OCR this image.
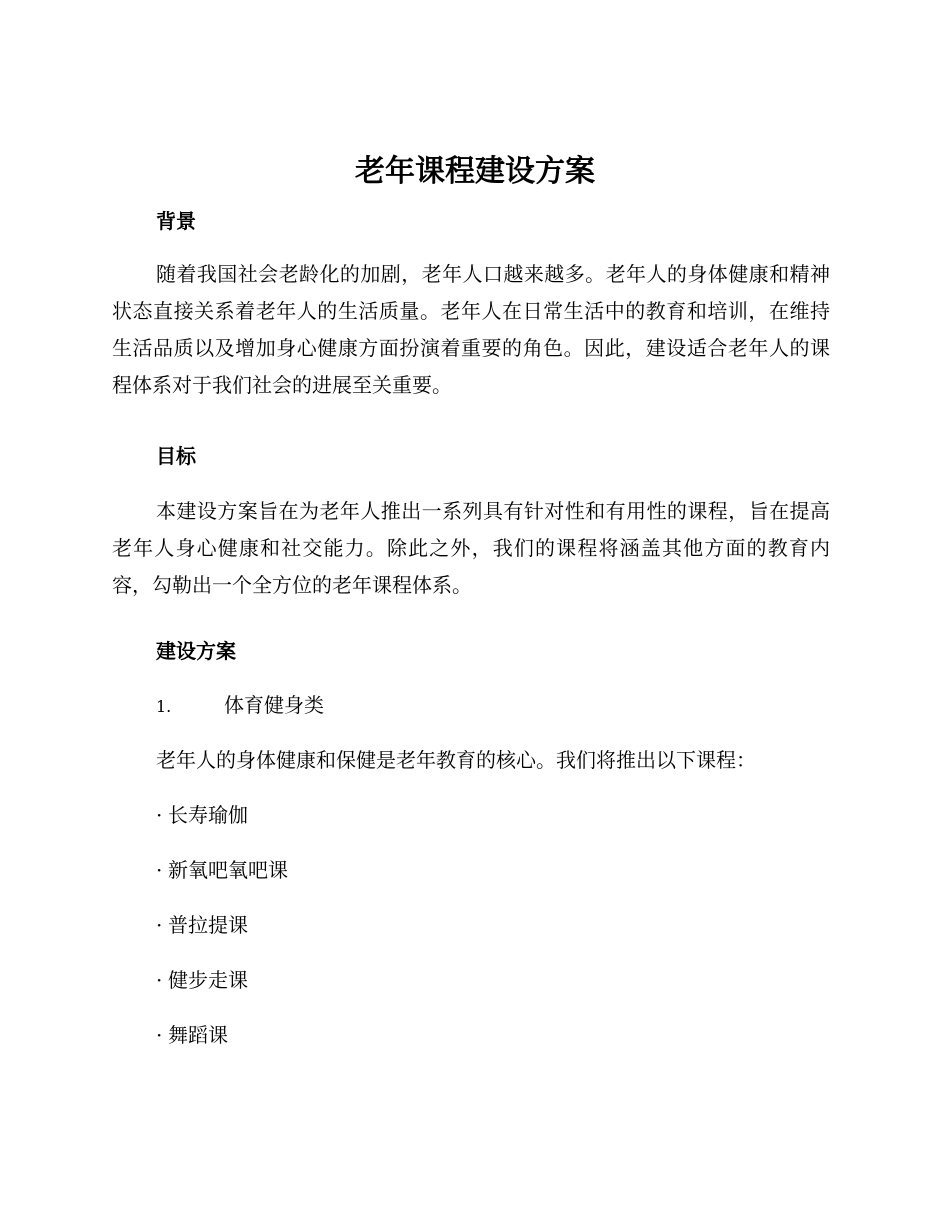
老年课程建设方案
背景

随着我国社会老龄化的加剧，老年人口越来越多。老年人的身体健康和精神状态直接关系着老年人的生活质量。老年人在日常生活中的教育和培训，在维持生活品质以及增加身心健康方面扮演着重要的角色。因此，建设适合老年人的课程体系对于我们社会的进展至关重要。

目标

本建设方案旨在为老年人推出一系列具有针对性和有用性的课程，旨在提高老年人身心健康和社交能力。除此之外，我们的课程将涵盖其他方面的教育内容，勾勒出一个全方位的老年课程体系。

建设方案
1.	体育健身类

老年人的身体健康和保健是老年教育的核心。我们将推出以下课程：

· 长寿瑜伽
· 新氧吧氧吧课
· 普拉提课
· 健步走课
· 舞蹈课
